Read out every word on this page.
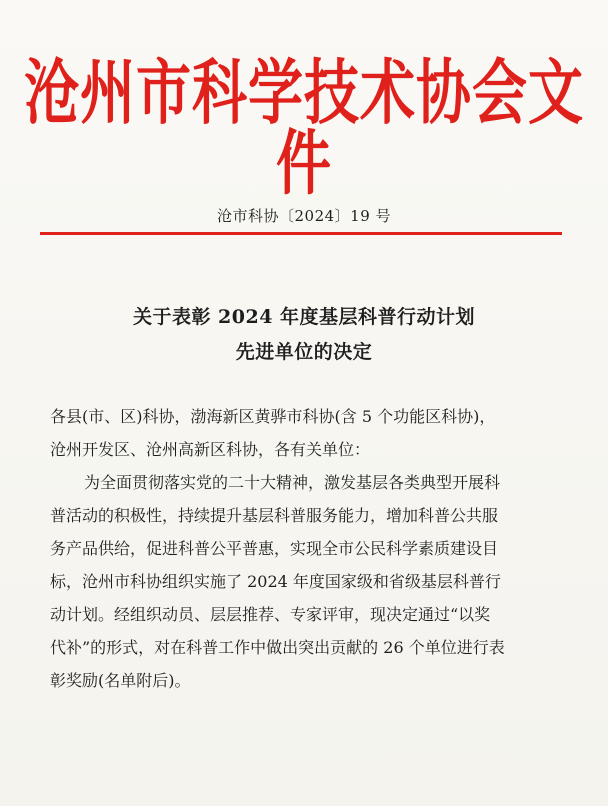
沧州市科学技术协会文件
沧市科协〔2024〕19 号
关于表彰 2024 年度基层科普行动计划
先进单位的决定

各县(市、区)科协，渤海新区黄骅市科协(含 5 个功能区科协)，

沧州开发区、沧州高新区科协，各有关单位：

为全面贯彻落实党的二十大精神，激发基层各类典型开展科
普活动的积极性，持续提升基层科普服务能力，增加科普公共服
务产品供给，促进科普公平普惠，实现全市公民科学素质建设目
标，沧州市科协组织实施了 2024 年度国家级和省级基层科普行
动计划。经组织动员、层层推荐、专家评审，现决定通过“以奖
代补”的形式，对在科普工作中做出突出贡献的 26 个单位进行表
彰奖励(名单附后)。
